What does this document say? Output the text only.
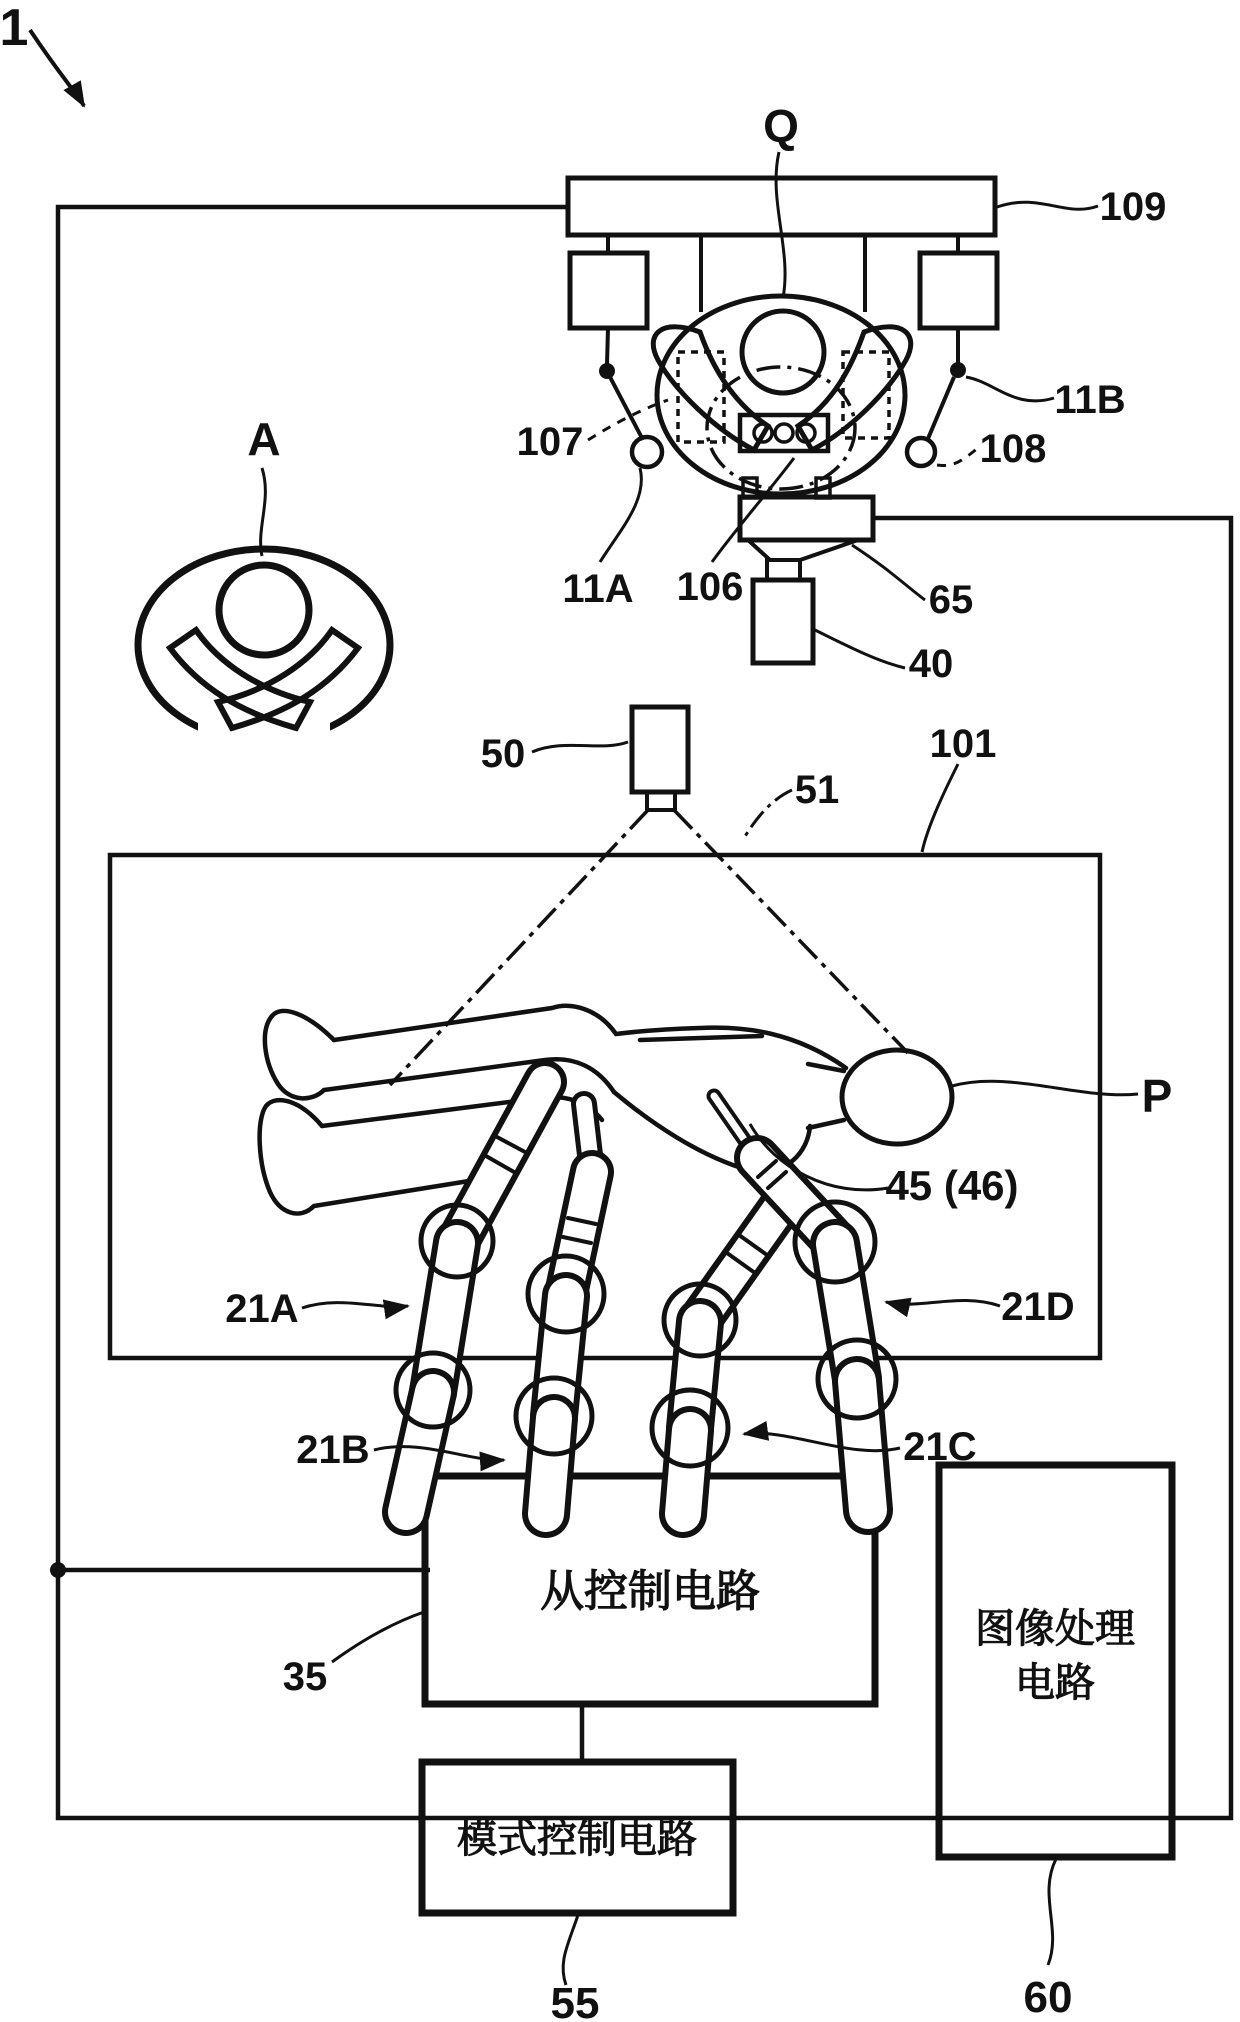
1
Q
109
11B
107	108
A
11A 106	65
40
50
51
101
P
45 (46)
21A	21D
21B	21C
35
55	60
从控制电路
模式控制电路
图像处理
电路
